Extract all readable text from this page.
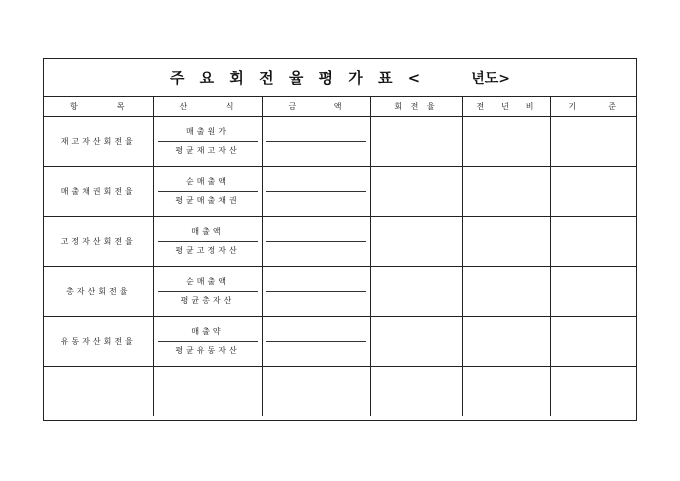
주 요 회 전 율 평 가 표 <	년도>
항 목	산 식	금 액	회 전 율	전 년 비	기 준

재고자산회전율	매출원가
평균재고자산				

매출채권회전율	순매출액
평균매출채권				

고정자산회전율	매출액
평균고정자산				

총자산회전율	순매출액
평균총자산				

유동자산회전율	매출약
평균유동자산				
